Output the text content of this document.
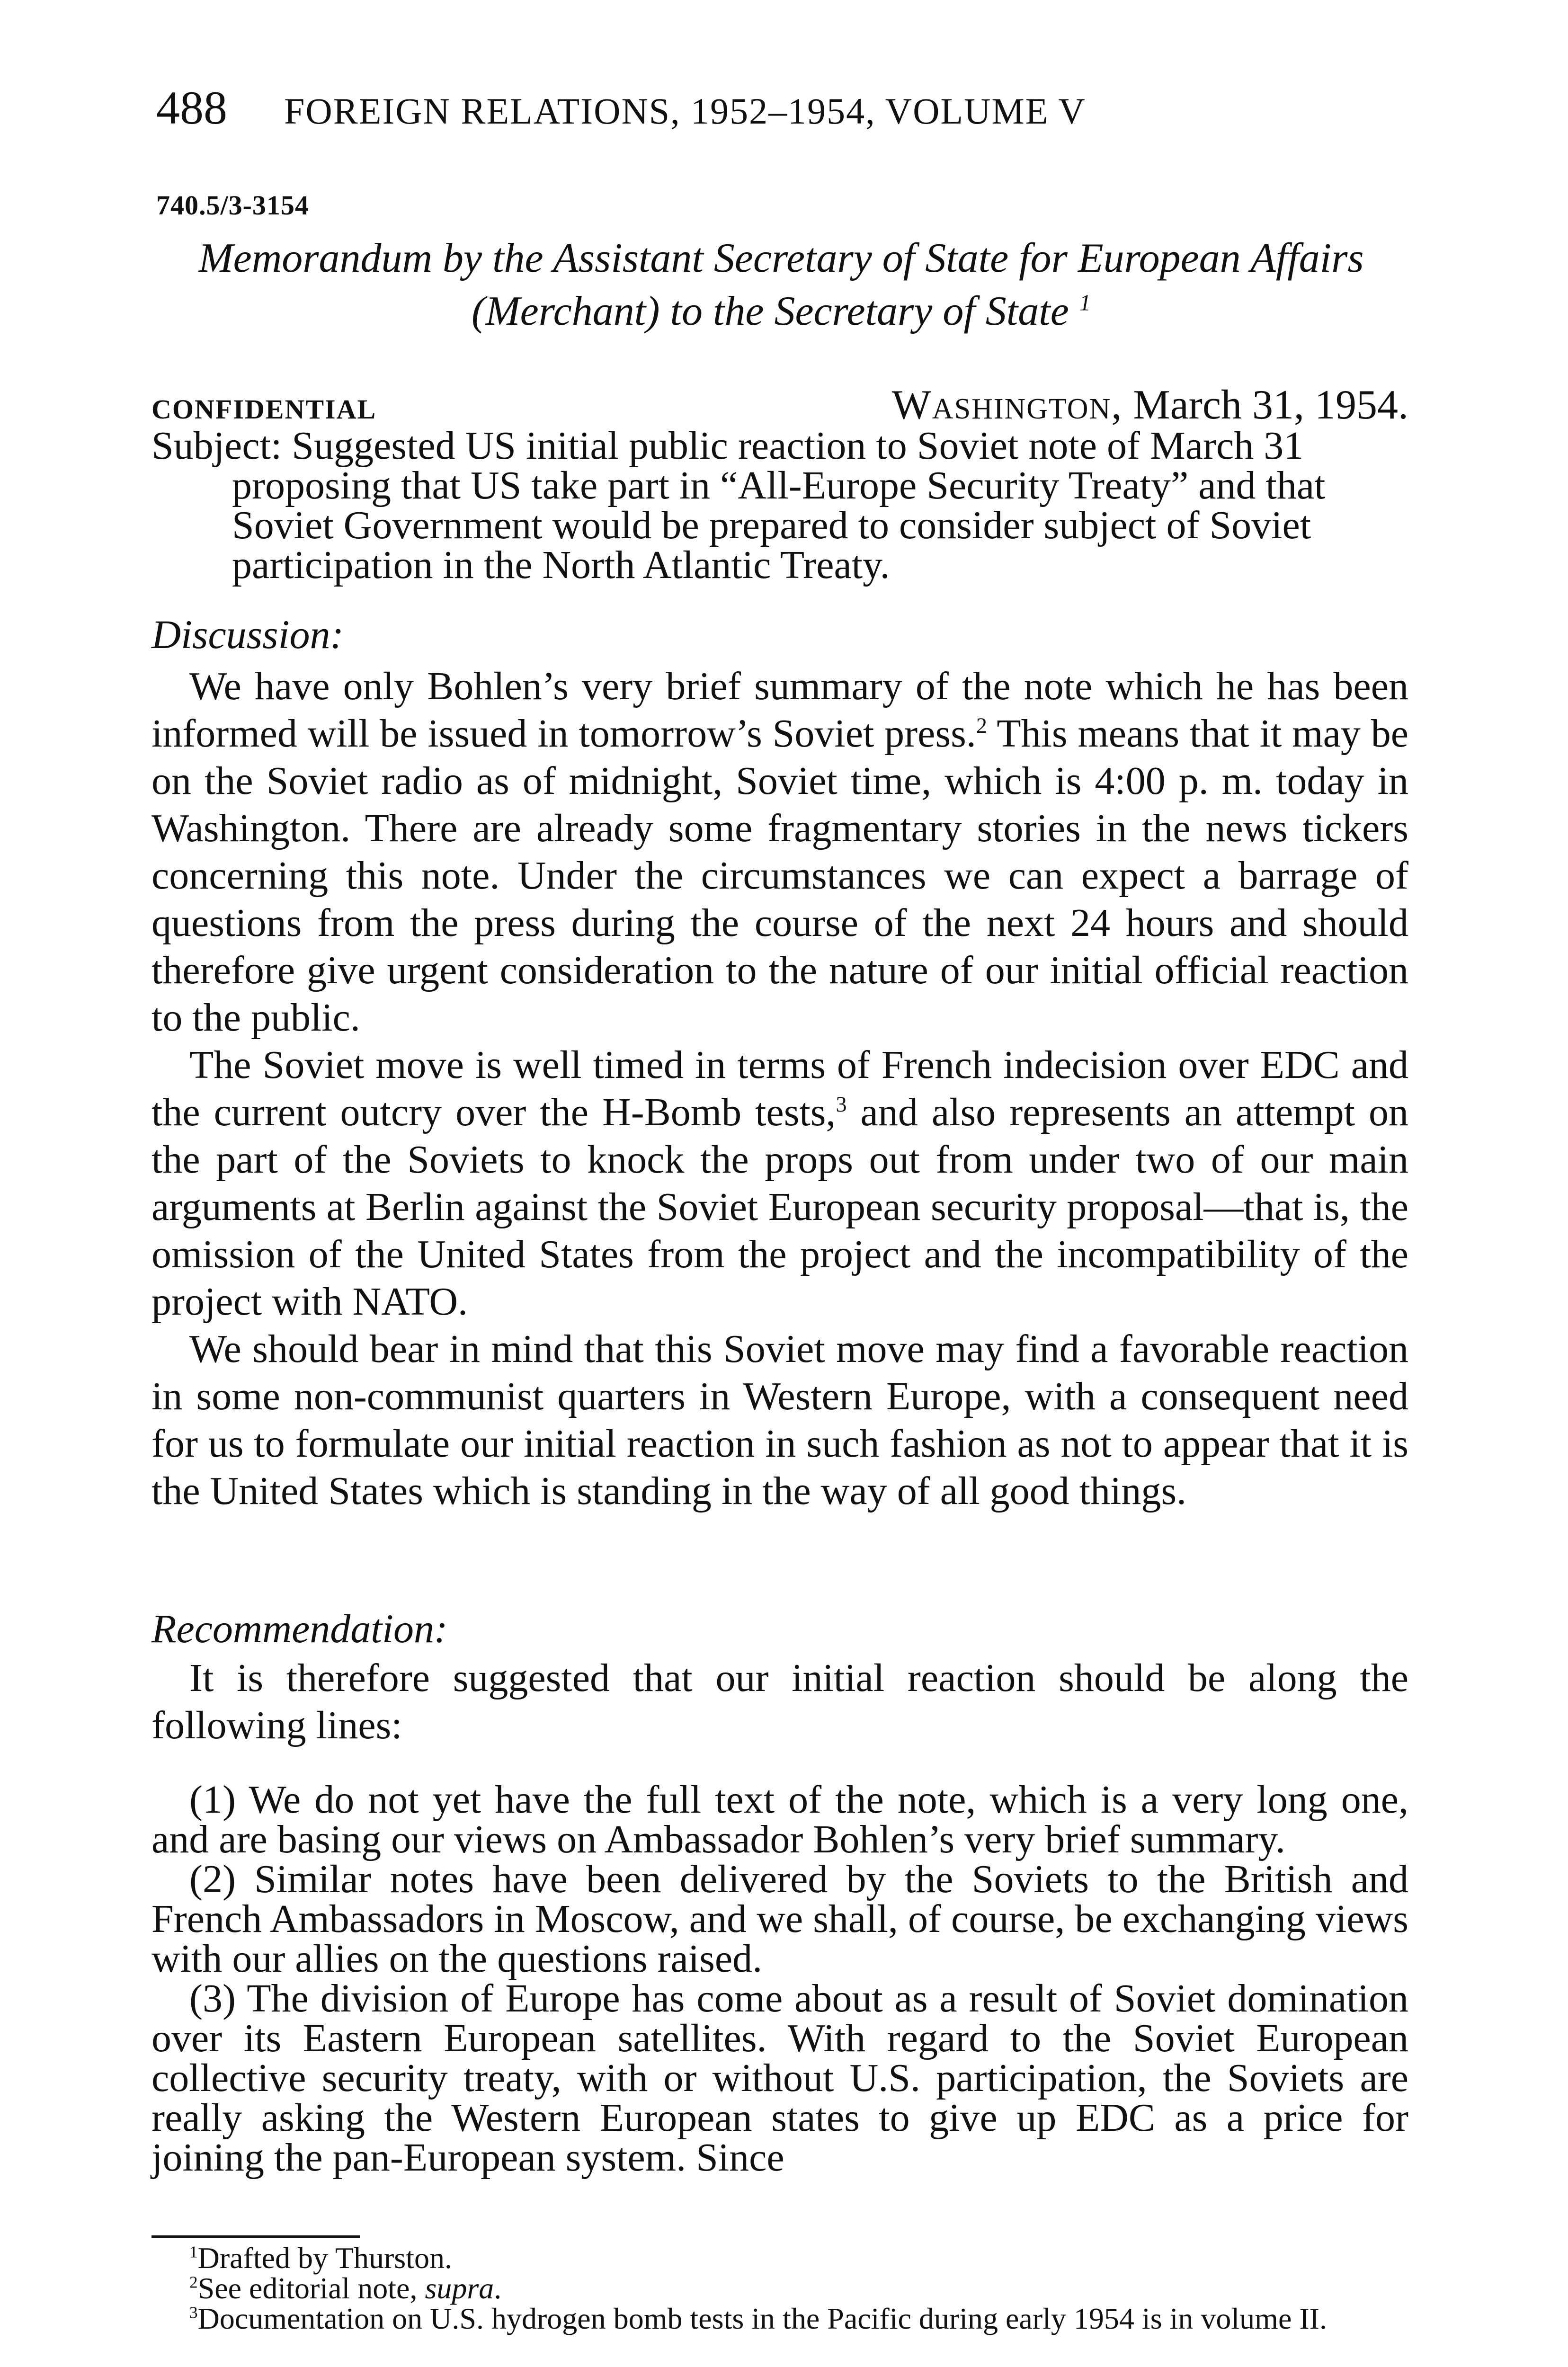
488 FOREIGN RELATIONS, 1952–1954, VOLUME V
740.5/3-3154
Memorandum by the Assistant Secretary of State for European Affairs (Merchant) to the Secretary of State $^1$
CONFIDENTIAL	Washington, March 31, 1954.
Subject: Suggested US initial public reaction to Soviet note of March 31 proposing that US take part in “All-Europe Security Treaty” and that Soviet Government would be prepared to consider subject of Soviet participation in the North Atlantic Treaty.
Discussion:

We have only Bohlen’s very brief summary of the note which he has been informed will be issued in tomorrow’s Soviet press.$^2$ This means that it may be on the Soviet radio as of midnight, Soviet time, which is 4:00 p. m. today in Washington. There are already some fragmentary stories in the news tickers concerning this note. Under the circumstances we can expect a barrage of questions from the press during the course of the next 24 hours and should therefore give urgent consideration to the nature of our initial official reaction to the public.

The Soviet move is well timed in terms of French indecision over EDC and the current outcry over the H-Bomb tests,$^3$ and also represents an attempt on the part of the Soviets to knock the props out from under two of our main arguments at Berlin against the Soviet European security proposal—that is, the omission of the United States from the project and the incompatibility of the project with NATO.

We should bear in mind that this Soviet move may find a favorable reaction in some non-communist quarters in Western Europe, with a consequent need for us to formulate our initial reaction in such fashion as not to appear that it is the United States which is standing in the way of all good things.

Recommendation:

It is therefore suggested that our initial reaction should be along the following lines:

(1) We do not yet have the full text of the note, which is a very long one, and are basing our views on Ambassador Bohlen’s very brief summary.

(2) Similar notes have been delivered by the Soviets to the British and French Ambassadors in Moscow, and we shall, of course, be exchanging views with our allies on the questions raised.

(3) The division of Europe has come about as a result of Soviet domination over its Eastern European satellites. With regard to the Soviet European collective security treaty, with or without U.S. participation, the Soviets are really asking the Western European states to give up EDC as a price for joining the pan-European system. Since

$^1$Drafted by Thurston.

$^2$See editorial note, supra.

$^3$Documentation on U.S. hydrogen bomb tests in the Pacific during early 1954 is in volume II.
